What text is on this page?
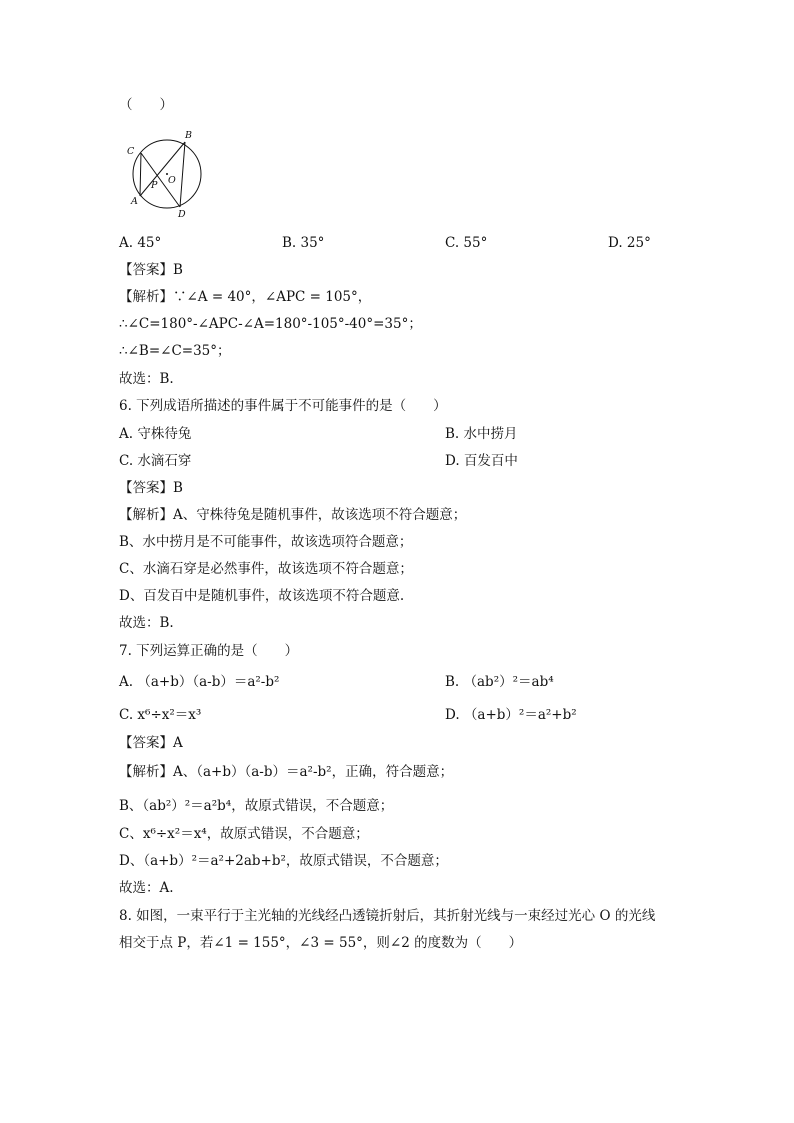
（　　）
B
C
O
P
A
D
A. 45°	B. 35°	C. 55°	D. 25°
【答案】B
【解析】∵∠A = 40°，∠APC = 105°，
∴∠C=180°-∠APC-∠A=180°-105°-40°=35°；
∴∠B=∠C=35°；
故选：B.
6. 下列成语所描述的事件属于不可能事件的是（　　）
A. 守株待兔	B. 水中捞月
C. 水滴石穿	D. 百发百中
【答案】B
【解析】A、守株待兔是随机事件，故该选项不符合题意；
B、水中捞月是不可能事件，故该选项符合题意；
C、水滴石穿是必然事件，故该选项不符合题意；
D、百发百中是随机事件，故该选项不符合题意.
故选：B.
7. 下列运算正确的是（　　）
A. （a+b）（a-b）＝a²-b²	B. （ab²）²＝ab⁴
C. x⁶÷x²＝x³	D. （a+b）²＝a²+b²
【答案】A
【解析】A、（a+b）（a-b）＝a²-b²，正确，符合题意；
B、（ab²）²＝a²b⁴，故原式错误，不合题意；
C、x⁶÷x²＝x⁴，故原式错误，不合题意；
D、（a+b）²＝a²+2ab+b²，故原式错误，不合题意；
故选：A.
8. 如图，一束平行于主光轴的光线经凸透镜折射后，其折射光线与一束经过光心 O 的光线
相交于点 P，若∠1 = 155°，∠3 = 55°，则∠2 的度数为（　　）
